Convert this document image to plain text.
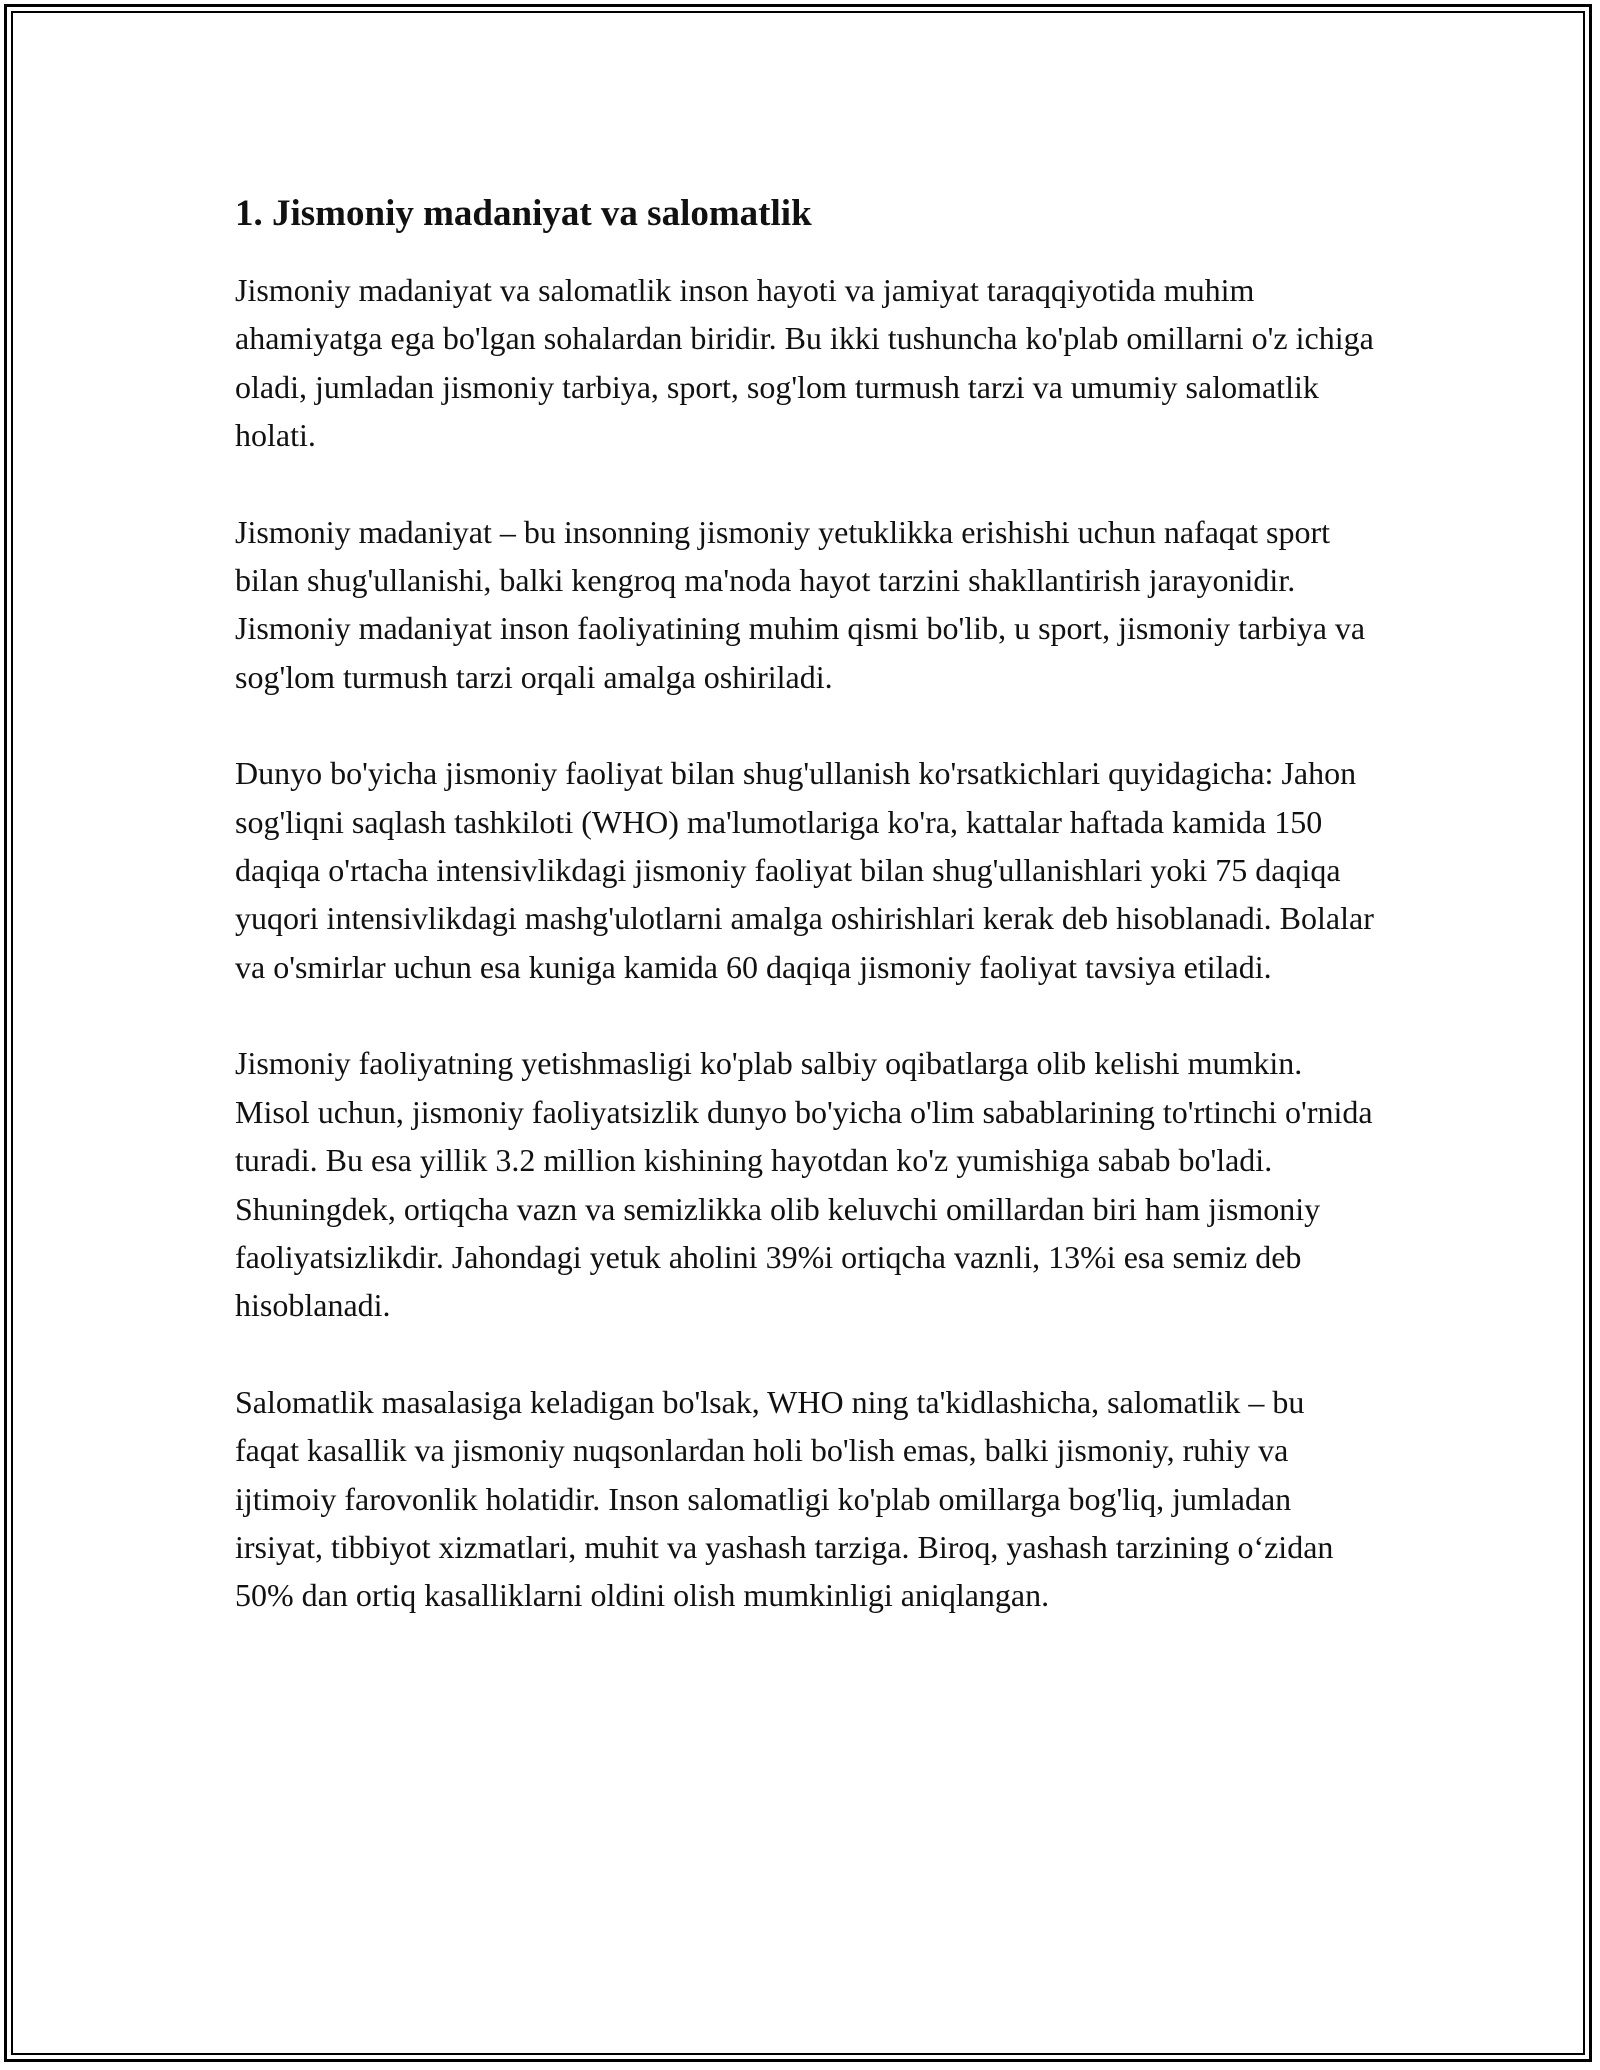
1. Jismoniy madaniyat va salomatlik

Jismoniy madaniyat va salomatlik inson hayoti va jamiyat taraqqiyotida muhim ahamiyatga ega bo'lgan sohalardan biridir. Bu ikki tushuncha ko'plab omillarni o'z ichiga oladi, jumladan jismoniy tarbiya, sport, sog'lom turmush tarzi va umumiy salomatlik holati.

Jismoniy madaniyat – bu insonning jismoniy yetuklikka erishishi uchun nafaqat sport bilan shug'ullanishi, balki kengroq ma'noda hayot tarzini shakllantirish jarayonidir. Jismoniy madaniyat inson faoliyatining muhim qismi bo'lib, u sport, jismoniy tarbiya va sog'lom turmush tarzi orqali amalga oshiriladi.

Dunyo bo'yicha jismoniy faoliyat bilan shug'ullanish ko'rsatkichlari quyidagicha: Jahon sog'liqni saqlash tashkiloti (WHO) ma'lumotlariga ko'ra, kattalar haftada kamida 150 daqiqa o'rtacha intensivlikdagi jismoniy faoliyat bilan shug'ullanishlari yoki 75 daqiqa yuqori intensivlikdagi mashg'ulotlarni amalga oshirishlari kerak deb hisoblanadi. Bolalar va o'smirlar uchun esa kuniga kamida 60 daqiqa jismoniy faoliyat tavsiya etiladi.

Jismoniy faoliyatning yetishmasligi ko'plab salbiy oqibatlarga olib kelishi mumkin. Misol uchun, jismoniy faoliyatsizlik dunyo bo'yicha o'lim sabablarining to'rtinchi o'rnida turadi. Bu esa yillik 3.2 million kishining hayotdan ko'z yumishiga sabab bo'ladi. Shuningdek, ortiqcha vazn va semizlikka olib keluvchi omillardan biri ham jismoniy faoliyatsizlikdir. Jahondagi yetuk aholini 39%i ortiqcha vaznli, 13%i esa semiz deb hisoblanadi.

Salomatlik masalasiga keladigan bo'lsak, WHO ning ta'kidlashicha, salomatlik – bu faqat kasallik va jismoniy nuqsonlardan holi bo'lish emas, balki jismoniy, ruhiy va ijtimoiy farovonlik holatidir. Inson salomatligi ko'plab omillarga bog'liq, jumladan irsiyat, tibbiyot xizmatlari, muhit va yashash tarziga. Biroq, yashash tarzining oʻzidan 50% dan ortiq kasalliklarni oldini olish mumkinligi aniqlangan.
